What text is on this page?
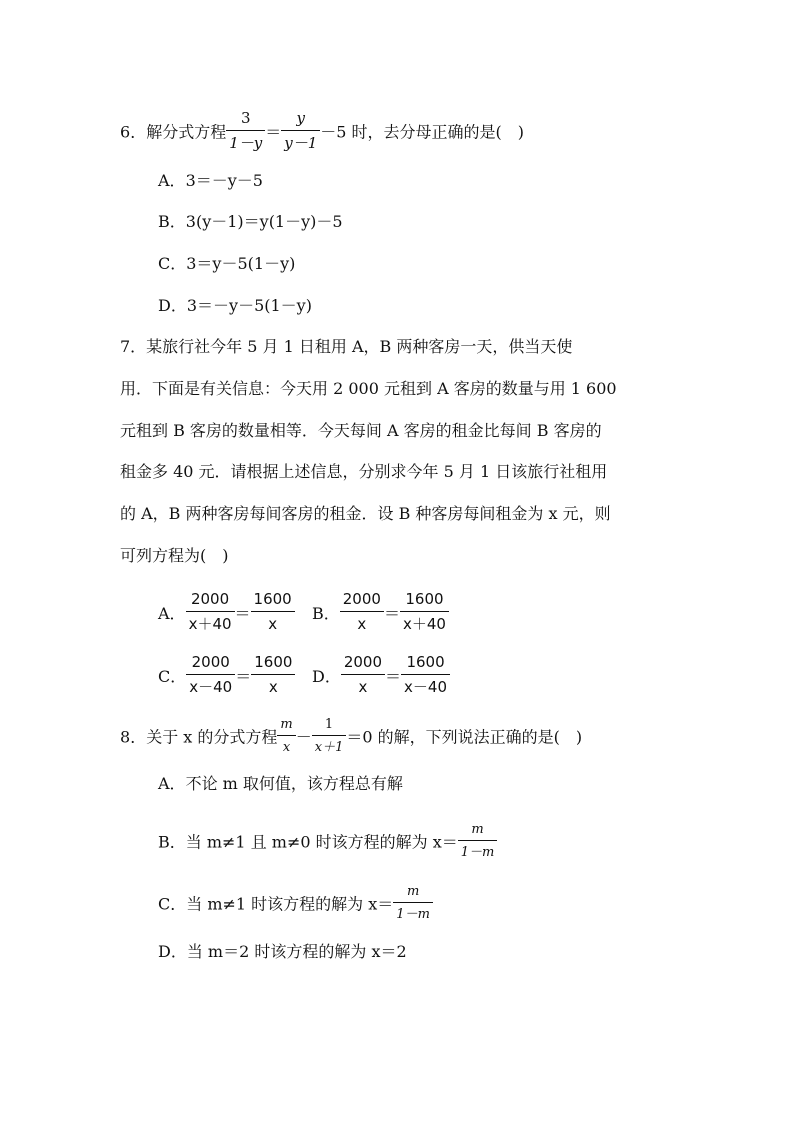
6．解分式方程 $\frac{3}{1-y} = \frac{y}{y-1} -5$ 时，去分母正确的是(　)
A．3＝－y－5
B．3(y－1)＝y(1－y)－5
C．3＝y－5(1－y)
D．3＝－y－5(1－y)
7．某旅行社今年 5 月 1 日租用 A，B 两种客房一天，供当天使
用．下面是有关信息：今天用 2 000 元租到 A 客房的数量与用 1 600
元租到 B 客房的数量相等．今天每间 A 客房的租金比每间 B 客房的
租金多 40 元．请根据上述信息，分别求今年 5 月 1 日该旅行社租用
的 A，B 两种客房每间客房的租金．设 B 种客房每间租金为 x 元，则
可列方程为(　)
A． $\frac{2000}{x+40} = \frac{1600}{x}$ B． $\frac{2000}{x} = \frac{1600}{x+40}$
C． $\frac{2000}{x-40} = \frac{1600}{x}$ D． $\frac{2000}{x} = \frac{1600}{x-40}$
8．关于 x 的分式方程 $\frac{m}{x} - \frac{1}{x+1} =0$ 的解，下列说法正确的是(　)
A．不论 m 取何值，该方程总有解
B．当 m≠1 且 m≠0 时该方程的解为 $x= \frac{m}{1-m}$
C．当 m≠1 时该方程的解为 $x= \frac{m}{1-m}$
D．当 m＝2 时该方程的解为 x＝2
